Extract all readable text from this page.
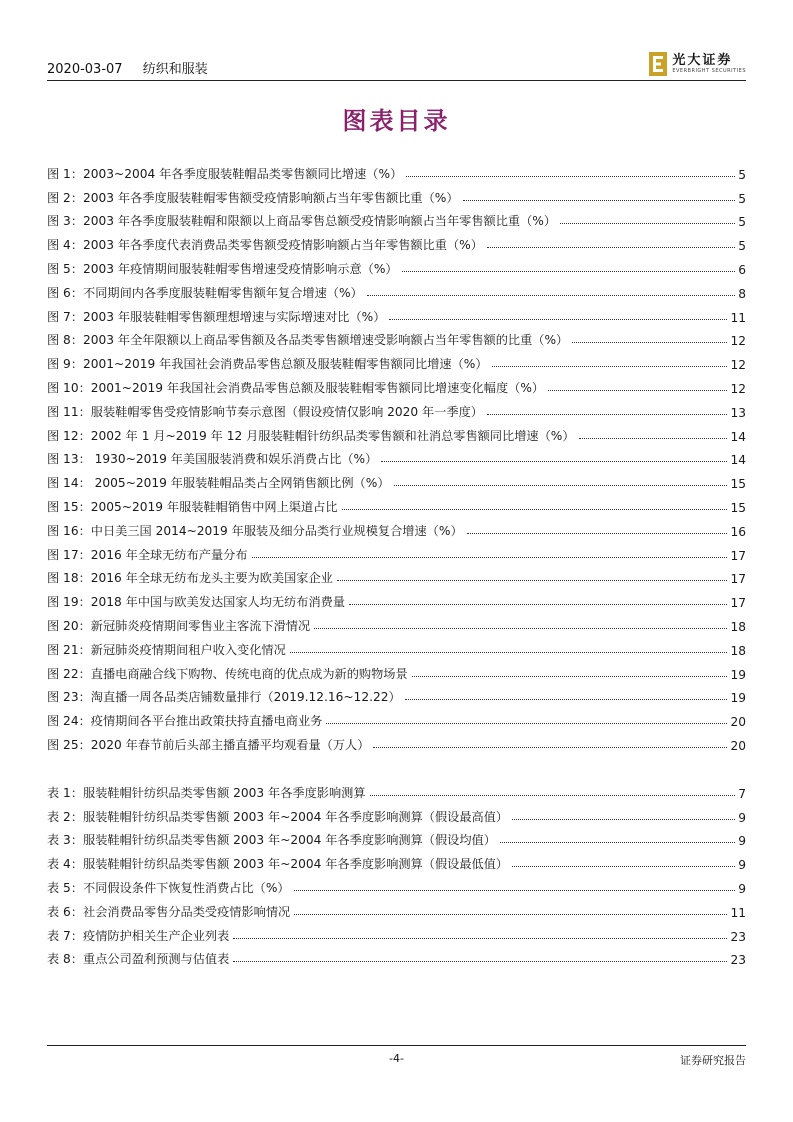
2020-03-07 纺织和服装
光大证券
EVERBRIGHT SECURITIES
图表目录
图 1：2003~2004 年各季度服装鞋帽品类零售额同比增速（%）	5
图 2：2003 年各季度服装鞋帽零售额受疫情影响额占当年零售额比重（%）	5
图 3：2003 年各季度服装鞋帽和限额以上商品零售总额受疫情影响额占当年零售额比重（%）	5
图 4：2003 年各季度代表消费品类零售额受疫情影响额占当年零售额比重（%）	5
图 5：2003 年疫情期间服装鞋帽零售增速受疫情影响示意（%）	6
图 6：不同期间内各季度服装鞋帽零售额年复合增速（%）	8
图 7：2003 年服装鞋帽零售额理想增速与实际增速对比（%）	11
图 8：2003 年全年限额以上商品零售额及各品类零售额增速受影响额占当年零售额的比重（%）	12
图 9：2001~2019 年我国社会消费品零售总额及服装鞋帽零售额同比增速（%）	12
图 10：2001~2019 年我国社会消费品零售总额及服装鞋帽零售额同比增速变化幅度（%）	12
图 11：服装鞋帽零售受疫情影响节奏示意图（假设疫情仅影响 2020 年一季度）	13
图 12：2002 年 1 月~2019 年 12 月服装鞋帽针纺织品类零售额和社消总零售额同比增速（%）	14
图 13： 1930~2019 年美国服装消费和娱乐消费占比（%）	14
图 14： 2005~2019 年服装鞋帽品类占全网销售额比例（%）	15
图 15：2005~2019 年服装鞋帽销售中网上渠道占比	15
图 16：中日美三国 2014~2019 年服装及细分品类行业规模复合增速（%）	16
图 17：2016 年全球无纺布产量分布	17
图 18：2016 年全球无纺布龙头主要为欧美国家企业	17
图 19：2018 年中国与欧美发达国家人均无纺布消费量	17
图 20：新冠肺炎疫情期间零售业主客流下滑情况	18
图 21：新冠肺炎疫情期间租户收入变化情况	18
图 22：直播电商融合线下购物、传统电商的优点成为新的购物场景	19
图 23：淘直播一周各品类店铺数量排行（2019.12.16~12.22）	19
图 24：疫情期间各平台推出政策扶持直播电商业务	20
图 25：2020 年春节前后头部主播直播平均观看量（万人）	20
表 1：服装鞋帽针纺织品类零售额 2003 年各季度影响测算	7
表 2：服装鞋帽针纺织品类零售额 2003 年~2004 年各季度影响测算（假设最高值）	9
表 3：服装鞋帽针纺织品类零售额 2003 年~2004 年各季度影响测算（假设均值）	9
表 4：服装鞋帽针纺织品类零售额 2003 年~2004 年各季度影响测算（假设最低值）	9
表 5：不同假设条件下恢复性消费占比（%）	9
表 6：社会消费品零售分品类受疫情影响情况	11
表 7：疫情防护相关生产企业列表	23
表 8：重点公司盈利预测与估值表	23
-4-	证券研究报告
